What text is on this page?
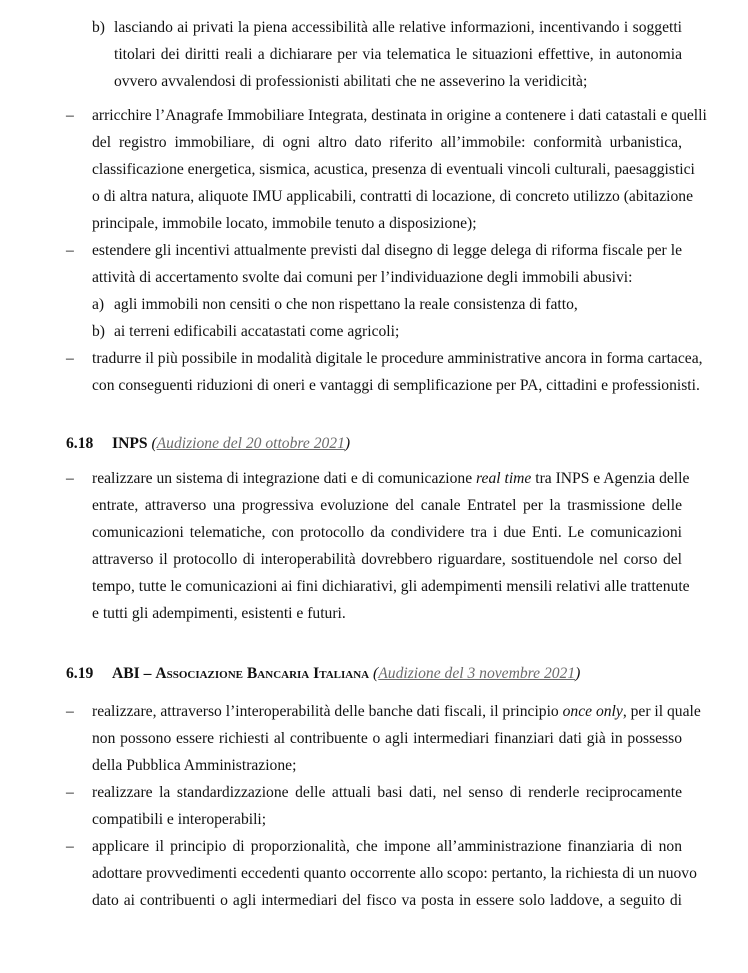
b) lasciando ai privati la piena accessibilità alle relative informazioni, incentivando i soggetti
titolari dei diritti reali a dichiarare per via telematica le situazioni effettive, in autonomia
ovvero avvalendosi di professionisti abilitati che ne asseverino la veridicità;
–	arricchire l’Anagrafe Immobiliare Integrata, destinata in origine a contenere i dati catastali e quelli
del registro immobiliare, di ogni altro dato riferito all’immobile: conformità urbanistica,
classificazione energetica, sismica, acustica, presenza di eventuali vincoli culturali, paesaggistici
o di altra natura, aliquote IMU applicabili, contratti di locazione, di concreto utilizzo (abitazione
principale, immobile locato, immobile tenuto a disposizione);
–	estendere gli incentivi attualmente previsti dal disegno di legge delega di riforma fiscale per le
attività di accertamento svolte dai comuni per l’individuazione degli immobili abusivi:
a) agli immobili non censiti o che non rispettano la reale consistenza di fatto,
b) ai terreni edificabili accatastati come agricoli;
–	tradurre il più possibile in modalità digitale le procedure amministrative ancora in forma cartacea,
con conseguenti riduzioni di oneri e vantaggi di semplificazione per PA, cittadini e professionisti.
6.18 INPS (Audizione del 20 ottobre 2021)
–	realizzare un sistema di integrazione dati e di comunicazione real time tra INPS e Agenzia delle
entrate, attraverso una progressiva evoluzione del canale Entratel per la trasmissione delle
comunicazioni telematiche, con protocollo da condividere tra i due Enti. Le comunicazioni
attraverso il protocollo di interoperabilità dovrebbero riguardare, sostituendole nel corso del
tempo, tutte le comunicazioni ai fini dichiarativi, gli adempimenti mensili relativi alle trattenute
e tutti gli adempimenti, esistenti e futuri.
6.19 ABI – Associazione Bancaria Italiana (Audizione del 3 novembre 2021)
–	realizzare, attraverso l’interoperabilità delle banche dati fiscali, il principio once only, per il quale
non possono essere richiesti al contribuente o agli intermediari finanziari dati già in possesso
della Pubblica Amministrazione;
–	realizzare la standardizzazione delle attuali basi dati, nel senso di renderle reciprocamente
compatibili e interoperabili;
–	applicare il principio di proporzionalità, che impone all’amministrazione finanziaria di non
adottare provvedimenti eccedenti quanto occorrente allo scopo: pertanto, la richiesta di un nuovo
dato ai contribuenti o agli intermediari del fisco va posta in essere solo laddove, a seguito di
